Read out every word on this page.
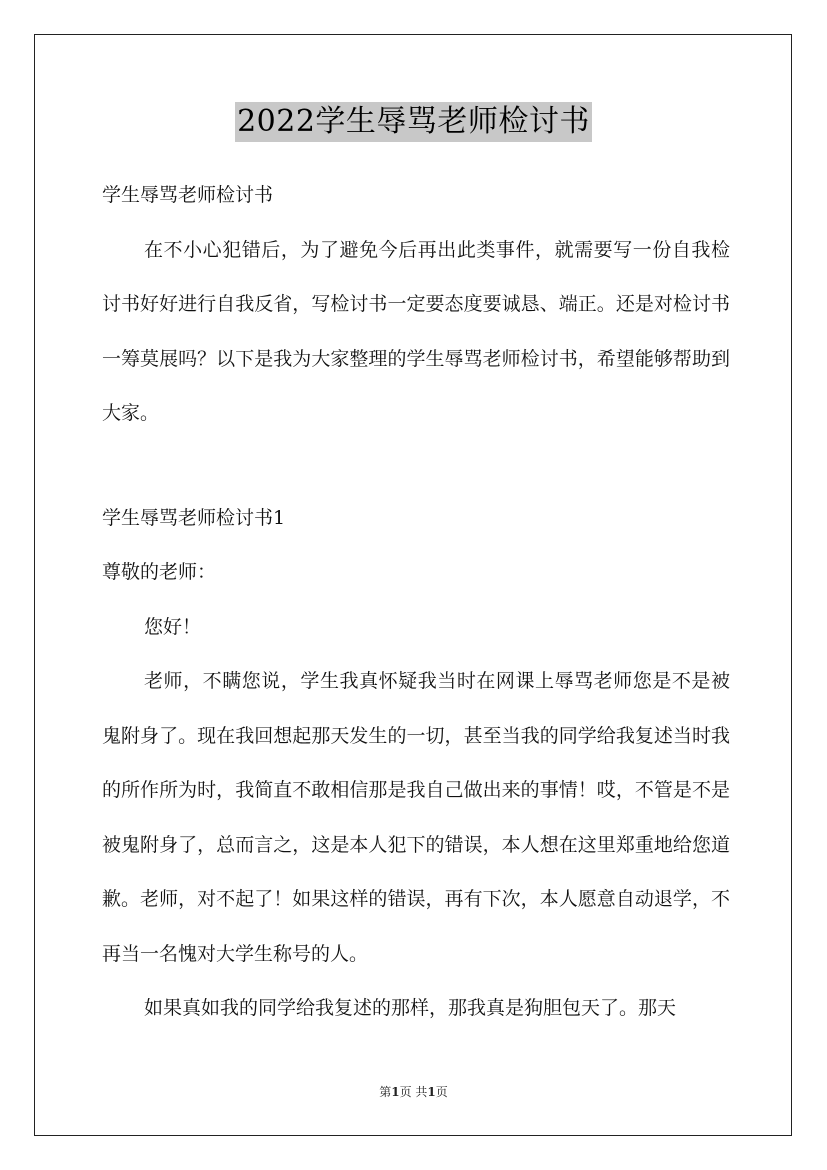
2022学生辱骂老师检讨书

学生辱骂老师检讨书

在不小心犯错后，为了避免今后再出此类事件，就需要写一份自我检讨书好好进行自我反省，写检讨书一定要态度要诚恳、端正。还是对检讨书一筹莫展吗？以下是我为大家整理的学生辱骂老师检讨书，希望能够帮助到大家。

学生辱骂老师检讨书1

尊敬的老师：

您好！

老师，不瞒您说，学生我真怀疑我当时在网课上辱骂老师您是不是被鬼附身了。现在我回想起那天发生的一切，甚至当我的同学给我复述当时我的所作所为时，我简直不敢相信那是我自己做出来的事情！哎，不管是不是被鬼附身了，总而言之，这是本人犯下的错误，本人想在这里郑重地给您道歉。老师，对不起了！如果这样的错误，再有下次，本人愿意自动退学，不再当一名愧对大学生称号的人。

如果真如我的同学给我复述的那样，那我真是狗胆包天了。那天

第1页 共1页
